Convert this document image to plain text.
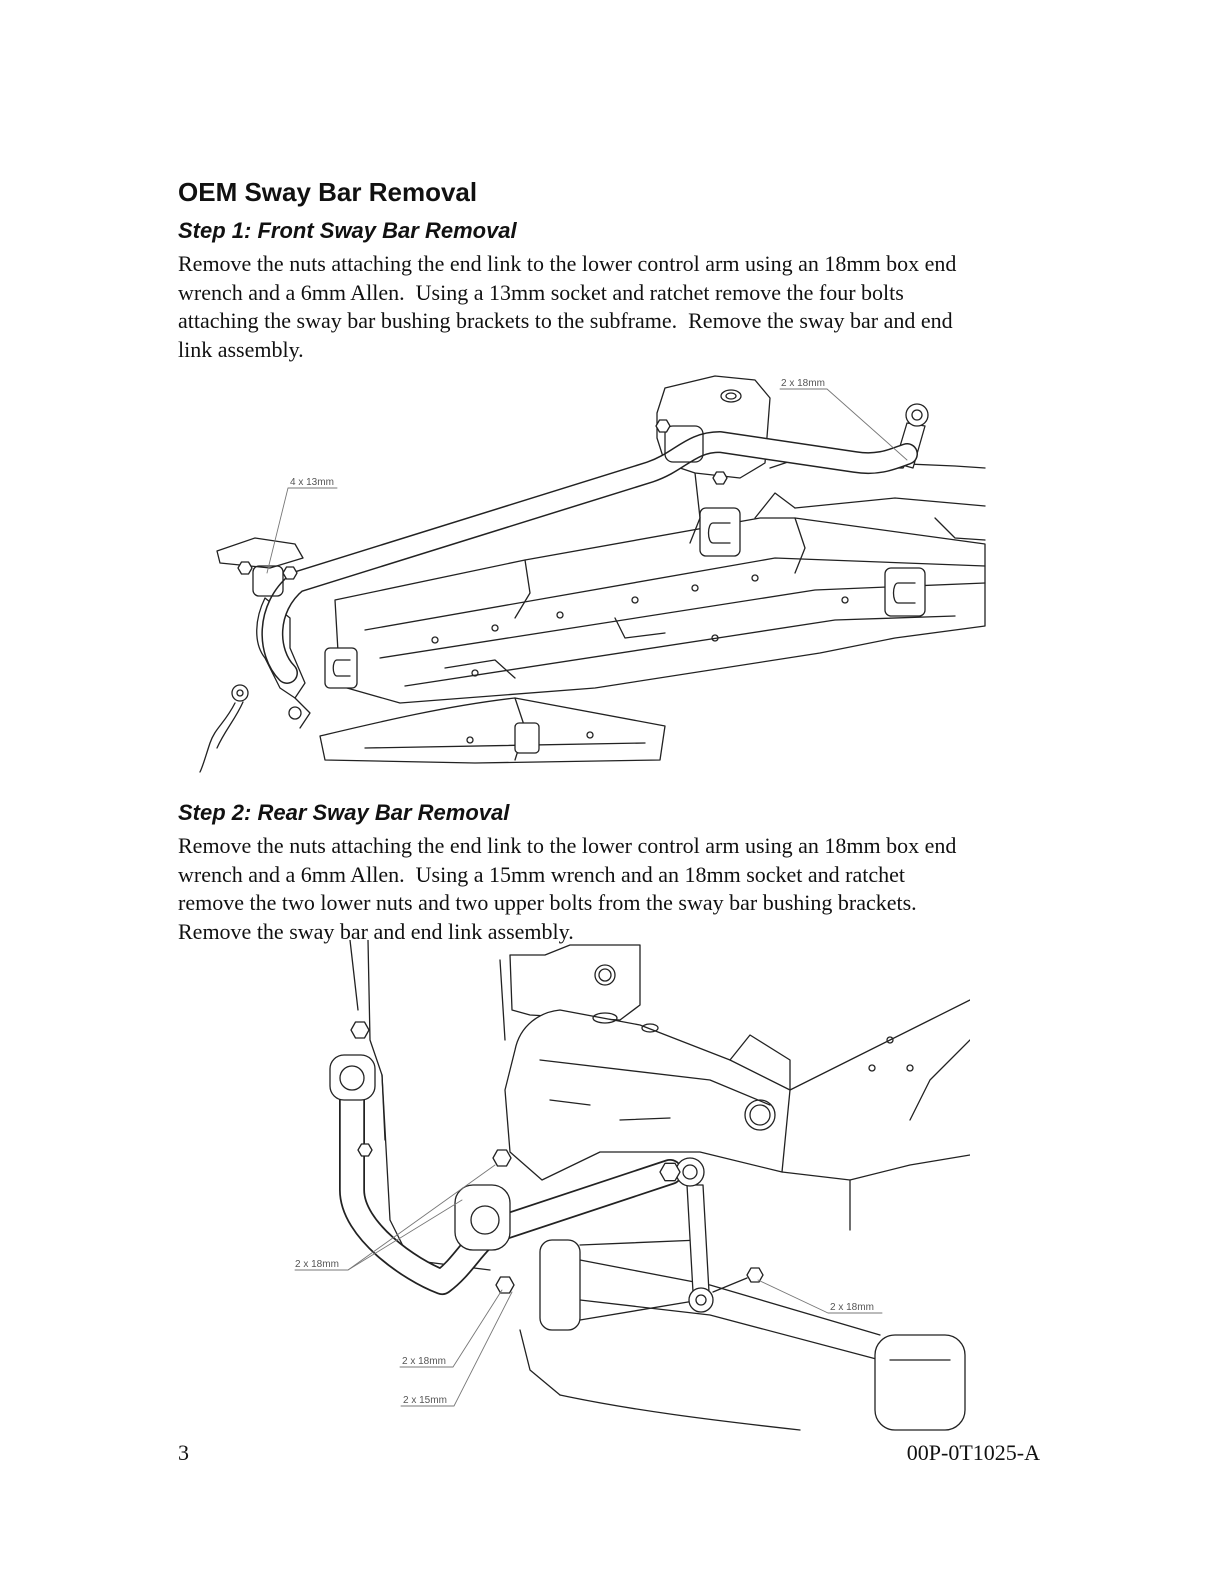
OEM Sway Bar Removal
Step 1: Front Sway Bar Removal
Remove the nuts attaching the end link to the lower control arm using an 18mm box end
wrench and a 6mm Allen.  Using a 13mm socket and ratchet remove the four bolts
attaching the sway bar bushing brackets to the subframe.  Remove the sway bar and end
link assembly.
2 x 18mm
4 x 13mm
Step 2: Rear Sway Bar Removal
Remove the nuts attaching the end link to the lower control arm using an 18mm box end
wrench and a 6mm Allen.  Using a 15mm wrench and an 18mm socket and ratchet
remove the two lower nuts and two upper bolts from the sway bar bushing brackets.
Remove the sway bar and end link assembly.
2 x 18mm
2 x 18mm
2 x 18mm
2 x 15mm
3	00P-0T1025-A
